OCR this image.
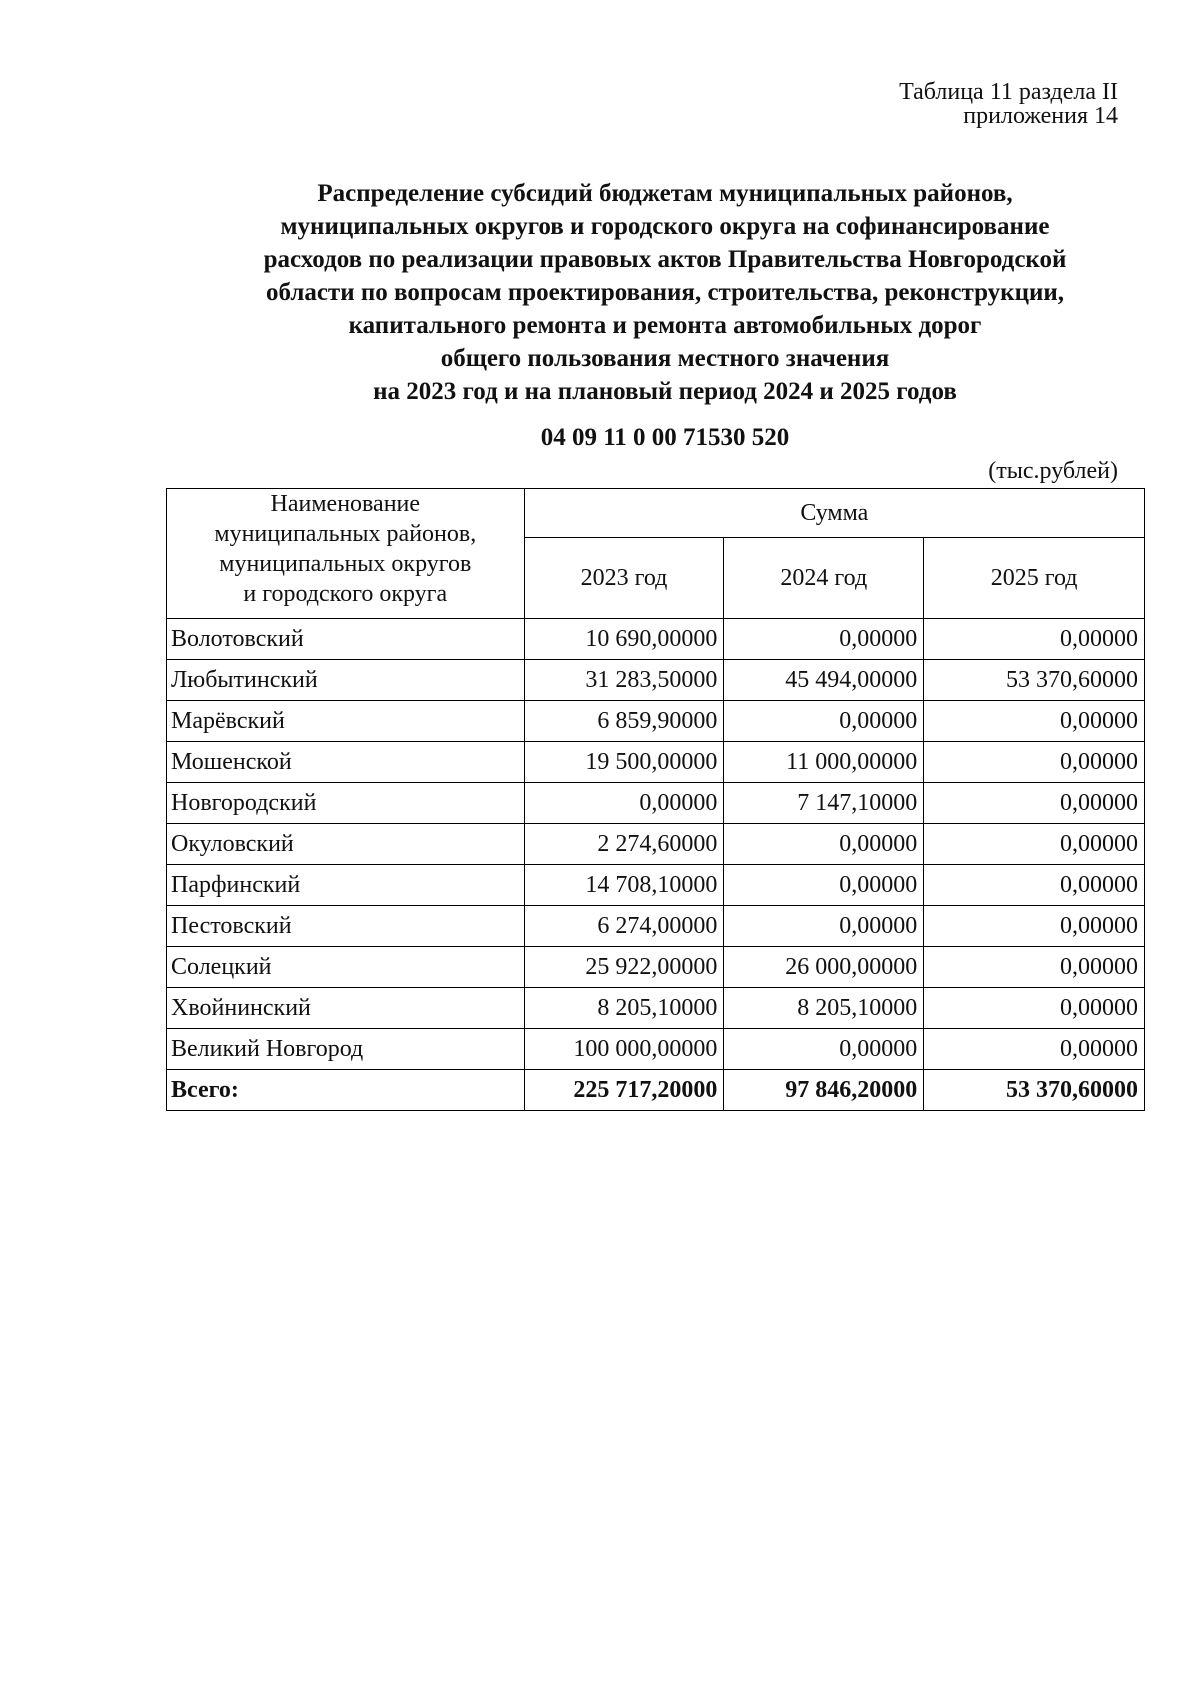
Таблица 11 раздела II
приложения 14
Распределение субсидий бюджетам муниципальных районов,
муниципальных округов и городского округа на софинансирование
расходов по реализации правовых актов Правительства Новгородской
области по вопросам проектирования, строительства, реконструкции,
капитального ремонта и ремонта автомобильных дорог
общего пользования местного значения
на 2023 год и на плановый период 2024 и 2025 годов
04 09 11 0 00 71530 520
(тыс.рублей)
Наименование
муниципальных районов,
муниципальных округов
и городского округа	Сумма		
	2023 год	2024 год	2025 год
Волотовский	10 690,00000	0,00000	0,00000
Любытинский	31 283,50000	45 494,00000	53 370,60000
Марёвский	6 859,90000	0,00000	0,00000
Мошенской	19 500,00000	11 000,00000	0,00000
Новгородский	0,00000	7 147,10000	0,00000
Окуловский	2 274,60000	0,00000	0,00000
Парфинский	14 708,10000	0,00000	0,00000
Пестовский	6 274,00000	0,00000	0,00000
Солецкий	25 922,00000	26 000,00000	0,00000
Хвойнинский	8 205,10000	8 205,10000	0,00000
Великий Новгород	100 000,00000	0,00000	0,00000
Всего:	225 717,20000	97 846,20000	53 370,60000
